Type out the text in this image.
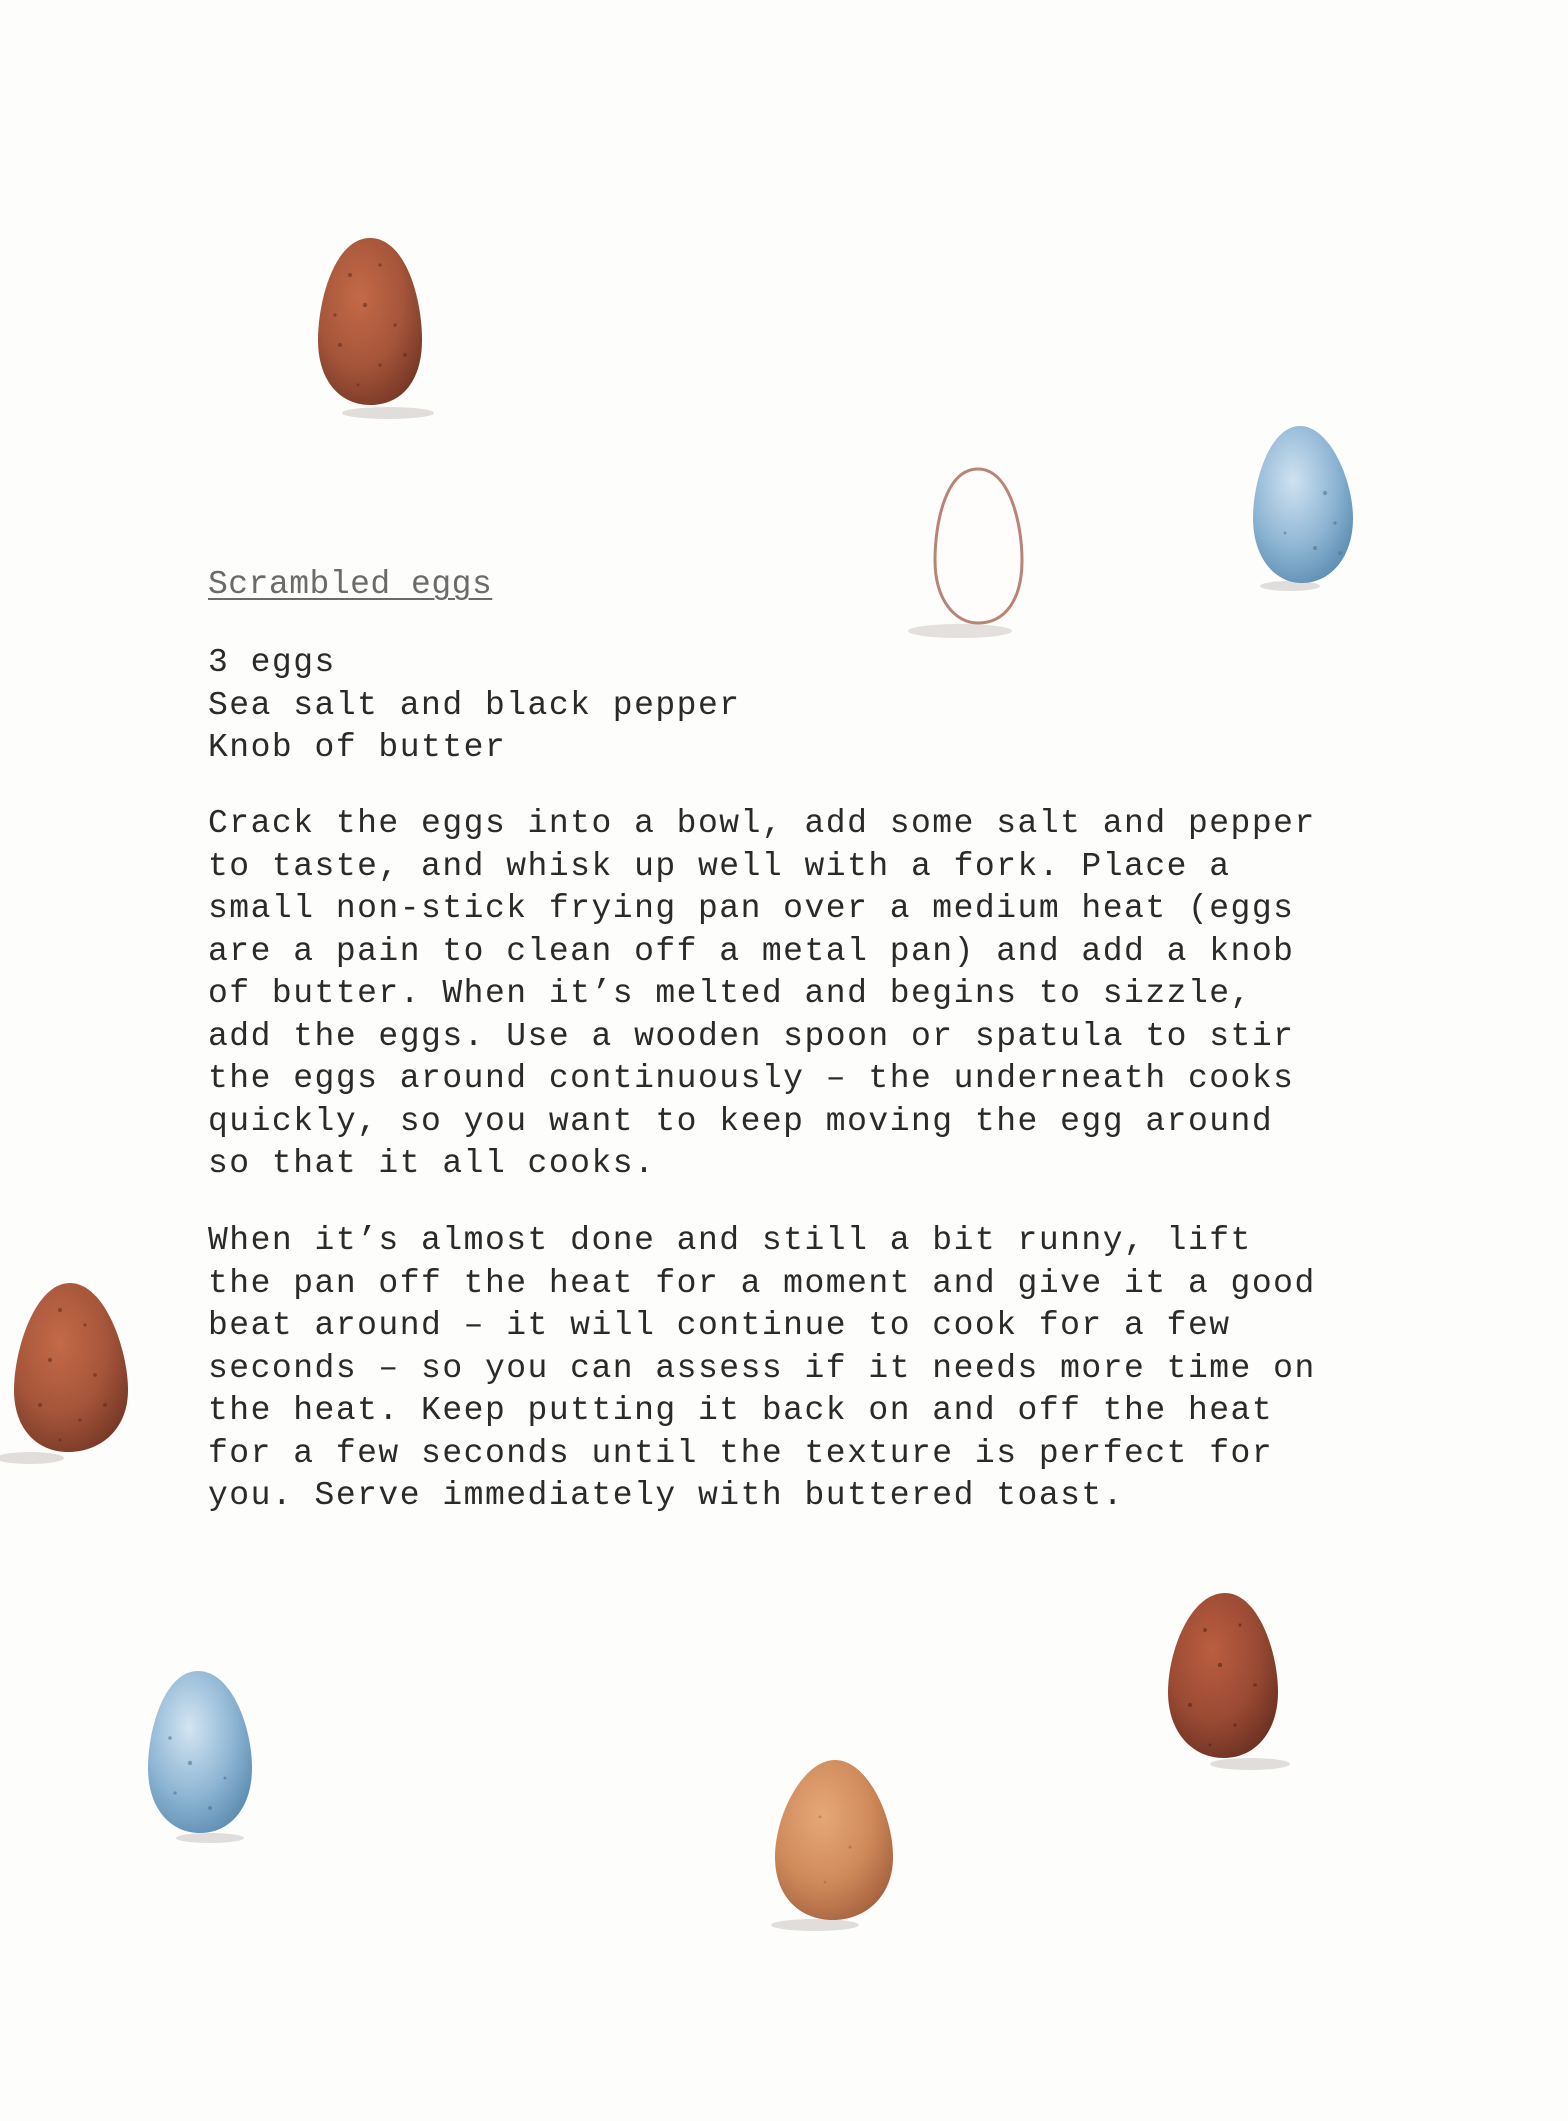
Scrambled eggs
3 eggs
Sea salt and black pepper
Knob of butter

Crack the eggs into a bowl, add some salt and pepper
to taste, and whisk up well with a fork. Place a
small non-stick frying pan over a medium heat (eggs
are a pain to clean off a metal pan) and add a knob
of butter. When it’s melted and begins to sizzle,
add the eggs. Use a wooden spoon or spatula to stir
the eggs around continuously – the underneath cooks
quickly, so you want to keep moving the egg around
so that it all cooks.

When it’s almost done and still a bit runny, lift
the pan off the heat for a moment and give it a good
beat around – it will continue to cook for a few
seconds – so you can assess if it needs more time on
the heat. Keep putting it back on and off the heat
for a few seconds until the texture is perfect for
you. Serve immediately with buttered toast.
